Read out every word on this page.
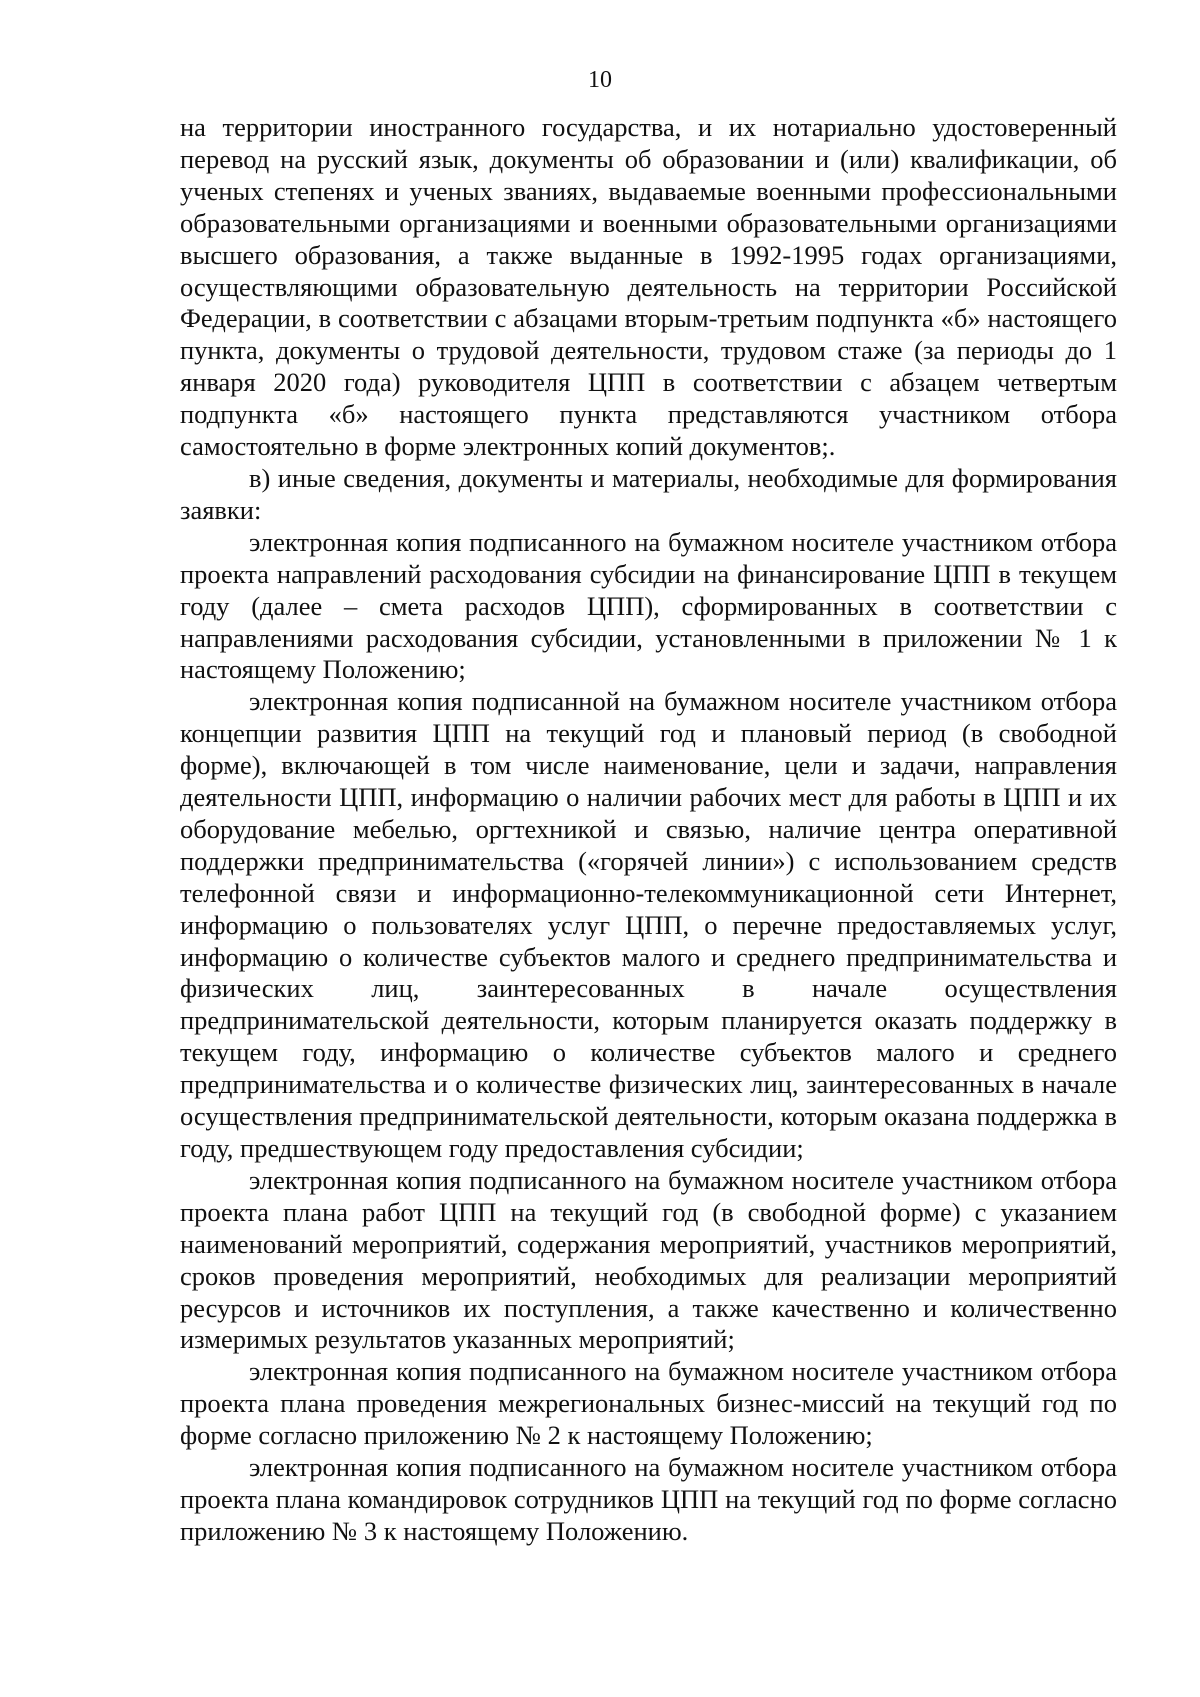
10

на территории иностранного государства, и их нотариально удостоверенный перевод на русский язык, документы об образовании и (или) квалификации, об ученых степенях и ученых званиях, выдаваемые военными профессиональными образовательными организациями и военными образовательными организациями высшего образования, а также выданные в 1992-1995 годах организациями, осуществляющими образовательную деятельность на территории Российской Федерации, в соответствии с абзацами вторым-третьим подпункта «б» настоящего пункта, документы о трудовой деятельности, трудовом стаже (за периоды до 1 января 2020 года) руководителя ЦПП в соответствии с абзацем четвертым подпункта «б» настоящего пункта представляются участником отбора самостоятельно в форме электронных копий документов;.

в) иные сведения, документы и материалы, необходимые для формирования заявки:

электронная копия подписанного на бумажном носителе участником отбора проекта направлений расходования субсидии на финансирование ЦПП в текущем году (далее – смета расходов ЦПП), сформированных в соответствии с направлениями расходования субсидии, установленными в приложении № 1 к настоящему Положению;

электронная копия подписанной на бумажном носителе участником отбора концепции развития ЦПП на текущий год и плановый период (в свободной форме), включающей в том числе наименование, цели и задачи, направления деятельности ЦПП, информацию о наличии рабочих мест для работы в ЦПП и их оборудование мебелью, оргтехникой и связью, наличие центра оперативной поддержки предпринимательства («горячей линии») с использованием средств телефонной связи и информационно-телекоммуникационной сети Интернет, информацию о пользователях услуг ЦПП, о перечне предоставляемых услуг, информацию о количестве субъектов малого и среднего предпринимательства и физических лиц, заинтересованных в начале осуществления предпринимательской деятельности, которым планируется оказать поддержку в текущем году, информацию о количестве субъектов малого и среднего предпринимательства и о количестве физических лиц, заинтересованных в начале осуществления предпринимательской деятельности, которым оказана поддержка в году, предшествующем году предоставления субсидии;

электронная копия подписанного на бумажном носителе участником отбора проекта плана работ ЦПП на текущий год (в свободной форме) с указанием наименований мероприятий, содержания мероприятий, участников мероприятий, сроков проведения мероприятий, необходимых для реализации мероприятий ресурсов и источников их поступления, а также качественно и количественно измеримых результатов указанных мероприятий;

электронная копия подписанного на бумажном носителе участником отбора проекта плана проведения межрегиональных бизнес-миссий на текущий год по форме согласно приложению № 2 к настоящему Положению;

электронная копия подписанного на бумажном носителе участником отбора проекта плана командировок сотрудников ЦПП на текущий год по форме согласно приложению № 3 к настоящему Положению.
